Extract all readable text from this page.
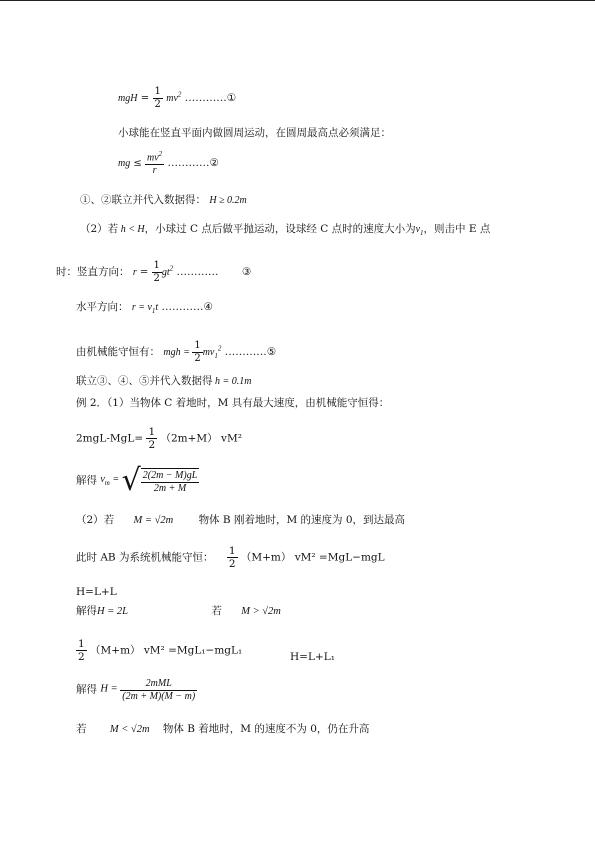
mgH = $\frac{1}{2} mv^2$ …………①
小球能在竖直平面内做圆周运动，在圆周最高点必须满足：
mg ≤ $\frac{mv^2}{r}$ …………②
①、②联立并代入数据得： H ≥ 0.2m
（2）若 h < H，小球过 C 点后做平抛运动，设球经 C 点时的速度大小为$v_1$，则击中 E 点
时：竖直方向： $r = \frac{1}{2} gt^2$ ………… ③
水平方向： $r = v_1t$ …………④
由机械能守恒有： mgh = $\frac{1}{2} mv_1^2$ …………⑤
联立③、④、⑤并代入数据得 h = 0.1m
例 2．（1）当物体 C 着地时，M 具有最大速度，由机械能守恒得：
$2mgL-MgL= \frac{1}{2} (2m+M)$ vM²
解得 $v_m$ = √ $\frac{2(2m - M)gL}{2m + M}$
（2）若 M = √2m 物体 B 刚着地时，M 的速度为 0，到达最高
此时 AB 为系统机械能守恒： $\frac{1}{2} (M+m)$ vM² =MgL−mgL
H=L+L
解得H = 2L	若 M > √2m
$\frac{1}{2} (M+m)$ vM² =MgL₁−mgL₁
H=L+L₁
解得 $H = \frac{\text{2mML}}{(2m + M)(M - m)}$
若 M < √2m 物体 B 着地时，M 的速度不为 0，仍在升高
